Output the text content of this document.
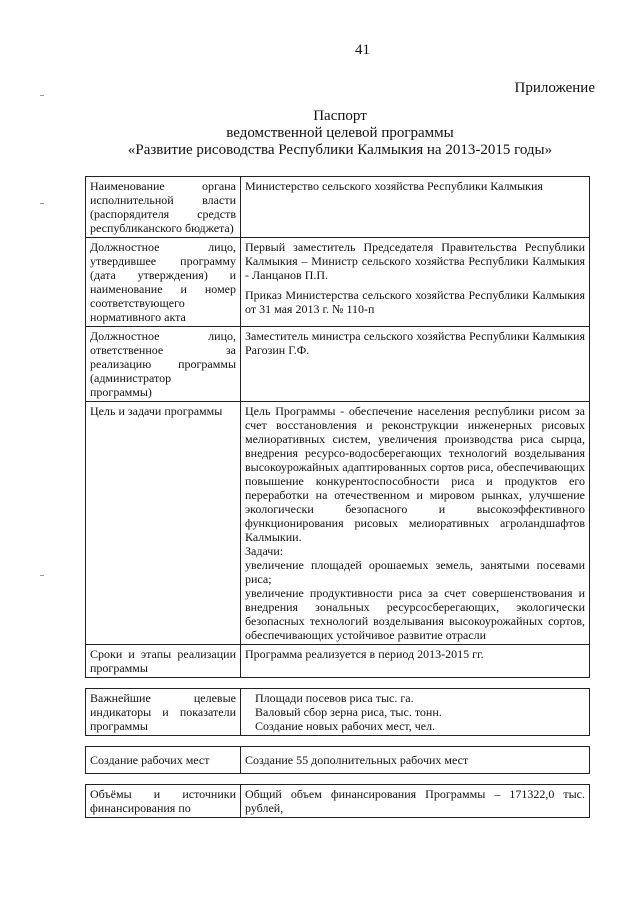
41
Приложение
Паспорт
ведомственной целевой программы
«Развитие рисоводства Республики Калмыкия на 2013-2015 годы»
Наименование органа исполнительной власти (распорядителя средств республиканского бюджета)	Министерство сельского хозяйства Республики Калмыкия

Должностное лицо, утвердившее программу (дата утверждения) и наименование и номер соответствующего нормативного акта	Первый заместитель Председателя Правительства Республики Калмыкия – Министр сельского хозяйства Республики Калмыкия - Ланцанов П.П.

Приказ Министерства сельского хозяйства Республики Калмыкия от 31 мая 2013 г. № 110-п

Должностное лицо, ответственное за реализацию программы (администратор программы)	Заместитель министра сельского хозяйства Республики Калмыкия Рагозин Г.Ф.

Цель и задачи программы	Цель Программы - обеспечение населения республики рисом за счет восстановления и реконструкции инженерных рисовых мелиоративных систем, увеличения производства риса сырца, внедрения ресурсо-водосберегающих технологий возделывания высокоурожайных адаптированных сортов риса, обеспечивающих повышение конкурентоспособности риса и продуктов его переработки на отечественном и мировом рынках, улучшение экологически безопасного и высокоэффективного функционирования рисовых мелиоративных агроландшафтов Калмыкии.

Задачи:

увеличение площадей орошаемых земель, занятыми посевами риса;

увеличение продуктивности риса за счет совершенствования и внедрения зональных ресурсосберегающих, экологически безопасных технологий возделывания высокоурожайных сортов, обеспечивающих устойчивое развитие отрасли

Сроки и этапы реализации программы	Программа реализуется в период 2013-2015 гг.

Важнейшие целевые индикаторы и показатели программы	Площади посевов риса тыс. га.

Валовый сбор зерна риса, тыс. тонн.

Создание новых рабочих мест, чел.

Создание рабочих мест	Создание 55 дополнительных рабочих мест

Объёмы и источники финансирования по	Общий объем финансирования Программы – 171322,0 тыс. рублей,
